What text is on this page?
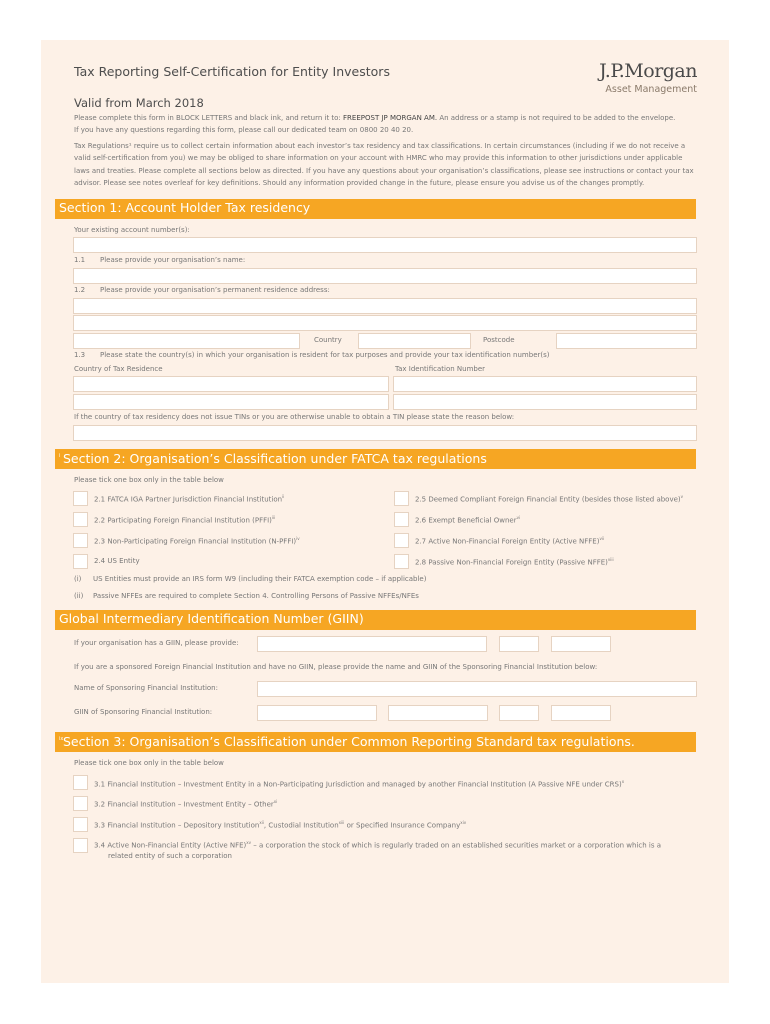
Tax Reporting Self-Certification for Entity Investors
Valid from March 2018
J.P.Morgan
Asset Management
Please complete this form in BLOCK LETTERS and black ink, and return it to: FREEPOST JP MORGAN AM. An address or a stamp is not required to be added to the envelope.
If you have any questions regarding this form, please call our dedicated team on 0800 20 40 20.
Tax Regulations¹ require us to collect certain information about each investor’s tax residency and tax classifications. In certain circumstances (including if we do not receive a valid self-certification from you) we may be obliged to share information on your account with HMRC who may provide this information to other jurisdictions under applicable laws and treaties. Please complete all sections below as directed. If you have any questions about your organisation’s classifications, please see instructions or contact your tax advisor. Please see notes overleaf for key definitions. Should any information provided change in the future, please ensure you advise us of the changes promptly.
Section 1: Account Holder Tax residency
Your existing account number(s):
1.1 Please provide your organisation’s name:
1.2 Please provide your organisation’s permanent residence address:
Country	Postcode
1.3 Please state the country(s) in which your organisation is resident for tax purposes and provide your tax identification number(s)
Country of Tax Residence	Tax Identification Number
If the country of tax residency does not issue TINs or you are otherwise unable to obtain a TIN please state the reason below:
Section 2: Organisation’s Classification under FATCA tax regulations
$^i$
Please tick one box only in the table below
2.1 FATCA IGA Partner Jurisdiction Financial Institution$^{ii}$
2.2 Participating Foreign Financial Institution (PFFI)$^{iii}$
2.3 Non-Participating Foreign Financial Institution (N-PFFI)$^{iv}$
2.4 US Entity
2.5 Deemed Compliant Foreign Financial Entity (besides those listed above)$^v$
2.6 Exempt Beneficial Owner$^{vi}$
2.7 Active Non-Financial Foreign Entity (Active NFFE)$^{vii}$
2.8 Passive Non-Financial Foreign Entity (Passive NFFE)$^{viii}$
(i) US Entities must provide an IRS form W9 (including their FATCA exemption code – if applicable)
(ii) Passive NFFEs are required to complete Section 4. Controlling Persons of Passive NFFEs/NFEs
Global Intermediary Identification Number (GIIN)
If your organisation has a GIIN, please provide:
If you are a sponsored Foreign Financial Institution and have no GIIN, please provide the name and GIIN of the Sponsoring Financial Institution below:
Name of Sponsoring Financial Institution:
GIIN of Sponsoring Financial Institution:
Section 3: Organisation’s Classification under Common Reporting Standard tax regulations.
$^{ix}$
Please tick one box only in the table below
3.1 Financial Institution – Investment Entity in a Non-Participating Jurisdiction and managed by another Financial Institution (A Passive NFE under CRS)$^x$
3.2 Financial Institution – Investment Entity – Other$^{xi}$
3.3 Financial Institution – Depository Institution$^{xii}$, Custodial Institution$^{xiii}$ or Specified Insurance Company$^{xiv}$
3.4 Active Non-Financial Entity (Active NFE)$^{xv}$ – a corporation the stock of which is regularly traded on an established securities market or a corporation which is a
related entity of such a corporation
